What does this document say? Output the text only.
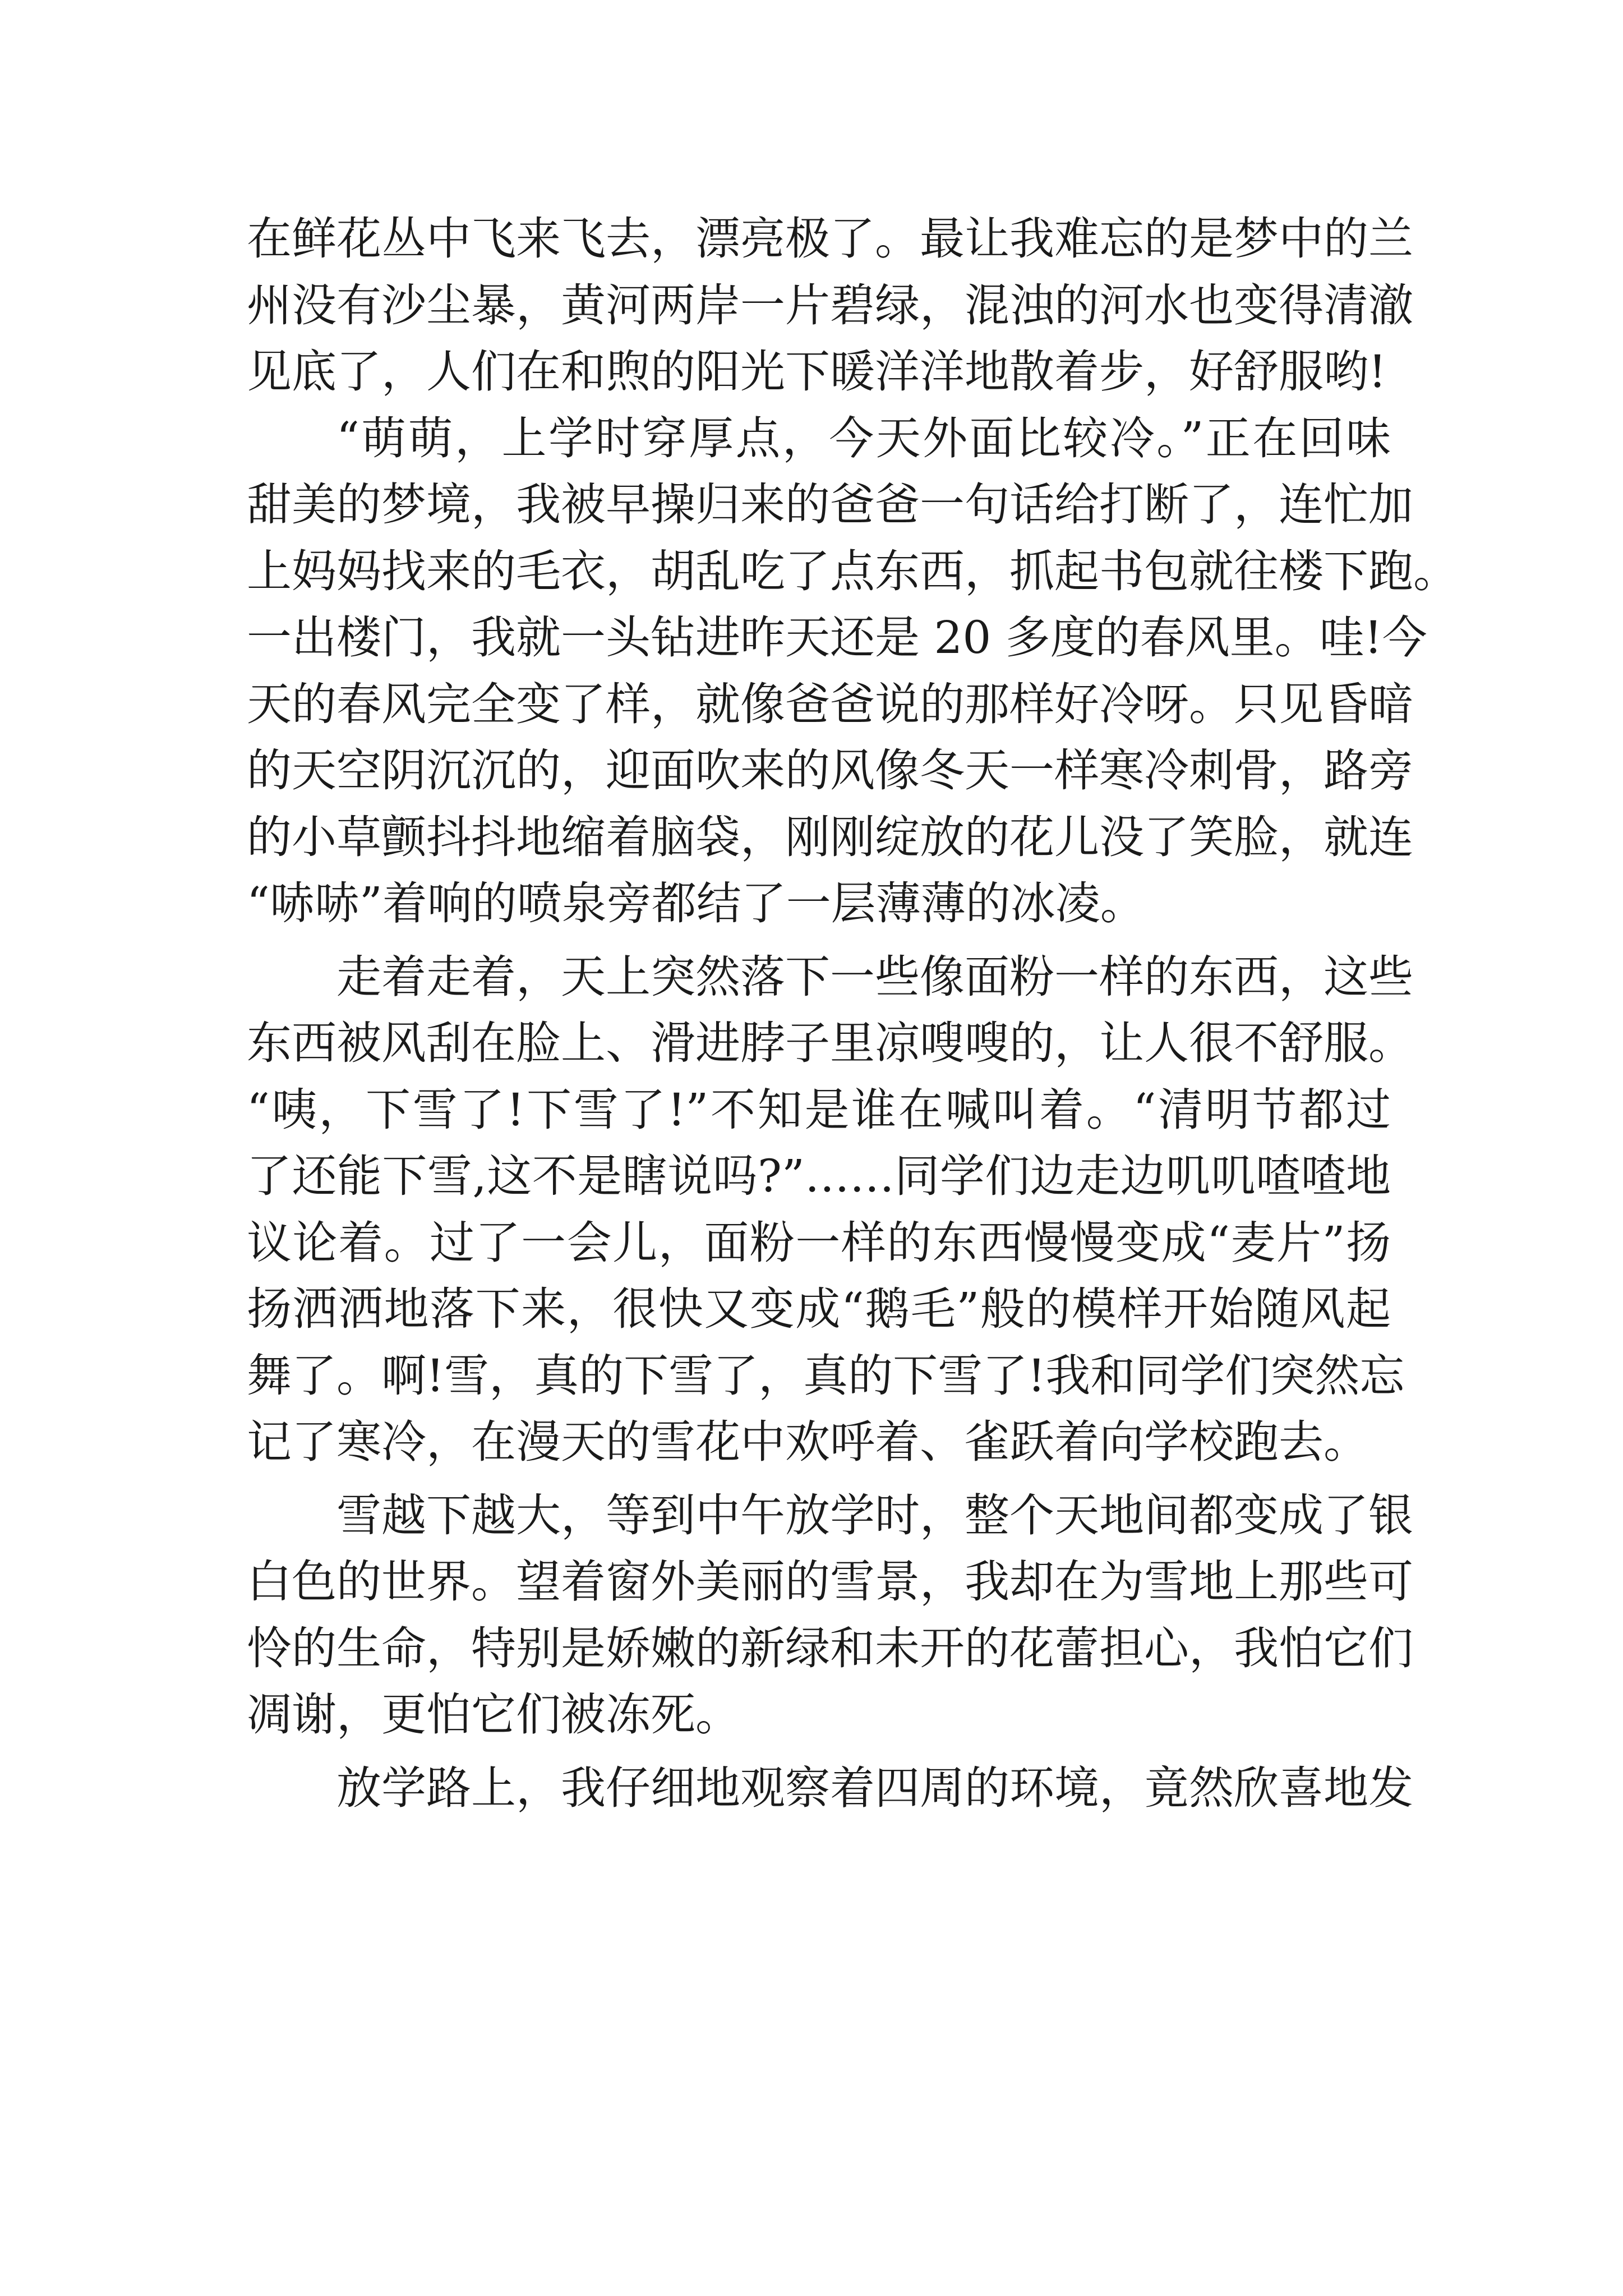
在鲜花丛中飞来飞去，漂亮极了。最让我难忘的是梦中的兰
州没有沙尘暴，黄河两岸一片碧绿，混浊的河水也变得清澈
见底了，人们在和煦的阳光下暖洋洋地散着步，好舒服哟!
“萌萌，上学时穿厚点，今天外面比较冷。”正在回味
甜美的梦境，我被早操归来的爸爸一句话给打断了，连忙加
上妈妈找来的毛衣，胡乱吃了点东西，抓起书包就往楼下跑。
一出楼门，我就一头钻进昨天还是 20 多度的春风里。哇!今
天的春风完全变了样，就像爸爸说的那样好冷呀。只见昏暗
的天空阴沉沉的，迎面吹来的风像冬天一样寒冷刺骨，路旁
的小草颤抖抖地缩着脑袋，刚刚绽放的花儿没了笑脸，就连
“哧哧”着响的喷泉旁都结了一层薄薄的冰凌。
走着走着，天上突然落下一些像面粉一样的东西，这些
东西被风刮在脸上、滑进脖子里凉嗖嗖的，让人很不舒服。
“咦，下雪了!下雪了!”不知是谁在喊叫着。“清明节都过
了还能下雪,这不是瞎说吗?”……同学们边走边叽叽喳喳地
议论着。过了一会儿，面粉一样的东西慢慢变成“麦片”扬
扬洒洒地落下来，很快又变成“鹅毛”般的模样开始随风起
舞了。啊!雪，真的下雪了，真的下雪了!我和同学们突然忘
记了寒冷，在漫天的雪花中欢呼着、雀跃着向学校跑去。
雪越下越大，等到中午放学时，整个天地间都变成了银
白色的世界。望着窗外美丽的雪景，我却在为雪地上那些可
怜的生命，特别是娇嫩的新绿和未开的花蕾担心，我怕它们
凋谢，更怕它们被冻死。
放学路上，我仔细地观察着四周的环境，竟然欣喜地发
